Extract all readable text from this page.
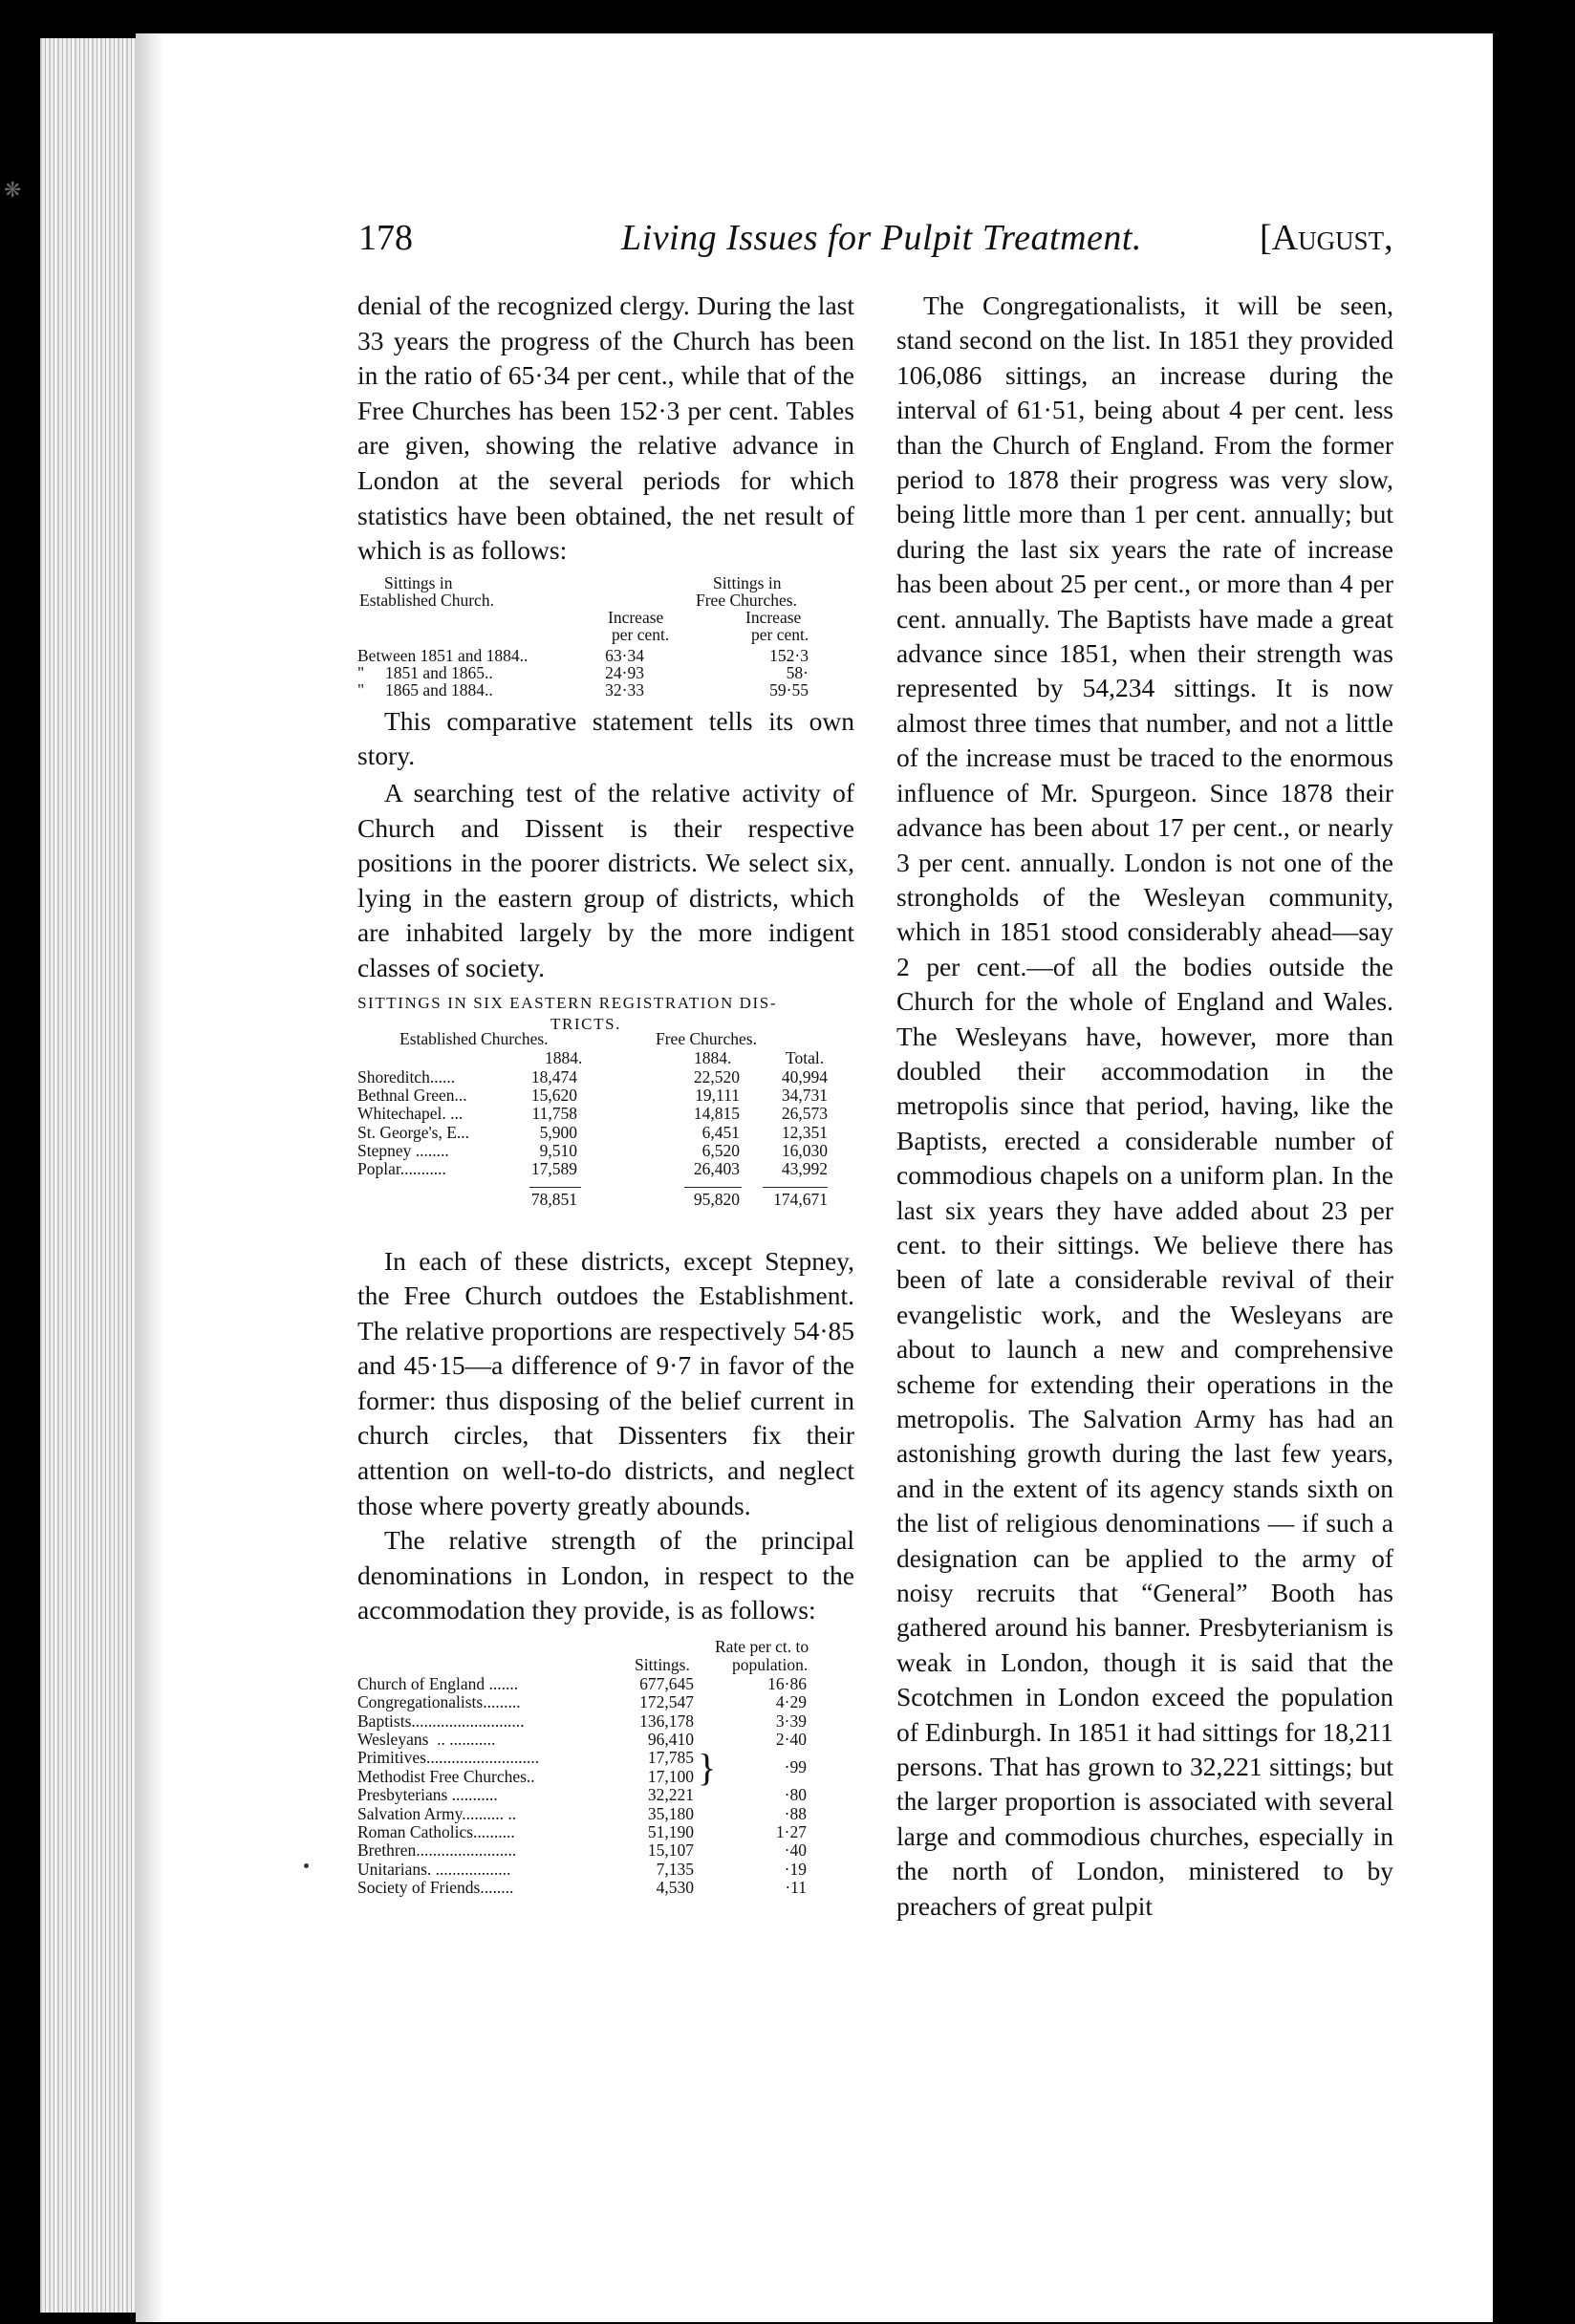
❋
178	Living Issues for Pulpit Treatment.	[August,

denial of the recognized clergy. During the last 33 years the progress of the Church has been in the ratio of 65·34 per cent., while that of the Free Churches has been 152·3 per cent. Tables are given, showing the relative advance in London at the several periods for which statistics have been obtained, the net result of which is as follows:

Sittings in	Sittings in
Established Church.	Free Churches.
Increase	Increase
per cent.	per cent.
Between 1851 and 1884..	63·34	152·3
"     1851 and 1865..	24·93	58·
"     1865 and 1884..	32·33	59·55

This comparative statement tells its own story.

A searching test of the relative activity of Church and Dissent is their respective positions in the poorer districts. We select six, lying in the eastern group of districts, which are inhabited largely by the more indigent classes of society.

SITTINGS IN SIX EASTERN REGISTRATION DIS-
TRICTS.
Established Churches.	Free Churches.
1884.	1884.	Total.
Shoreditch......	18,474	22,520	40,994
Bethnal Green...	15,620	19,111	34,731
Whitechapel. ...	11,758	14,815	26,573
St. George's, E...	5,900	6,451	12,351
Stepney ........	9,510	6,520	16,030
Poplar...........	17,589	26,403	43,992
78,851	95,820	174,671

In each of these districts, except Stepney, the Free Church outdoes the Establishment. The relative proportions are respectively 54·85 and 45·15—a difference of 9·7 in favor of the former: thus disposing of the belief current in church circles, that Dissenters fix their attention on well-to-do districts, and neglect those where poverty greatly abounds.

The relative strength of the principal denominations in London, in respect to the accommodation they provide, is as follows:

Rate per ct. to
Sittings.	population.
Church of England .......	677,645	16·86
Congregationalists.........	172,547	4·29
Baptists...........................	136,178	3·39
Wesleyans  .. ...........	96,410	2·40
Primitives...........................	17,785 }
Methodist Free Churches..	17,100	·99
Presbyterians ...........	32,221	·80
Salvation Army.......... ..	35,180	·88
Roman Catholics..........	51,190	1·27
Brethren........................	15,107	·40
Unitarians. ..................	7,135	·19
Society of Friends........	4,530	·11

The Congregationalists, it will be seen, stand second on the list. In 1851 they provided 106,086 sittings, an increase during the interval of 61·51, being about 4 per cent. less than the Church of England. From the former period to 1878 their progress was very slow, being little more than 1 per cent. annually; but during the last six years the rate of increase has been about 25 per cent., or more than 4 per cent. annually. The Baptists have made a great advance since 1851, when their strength was represented by 54,234 sittings. It is now almost three times that number, and not a little of the increase must be traced to the enormous influence of Mr. Spurgeon. Since 1878 their advance has been about 17 per cent., or nearly 3 per cent. annually. London is not one of the strongholds of the Wesleyan community, which in 1851 stood considerably ahead—say 2 per cent.—of all the bodies outside the Church for the whole of England and Wales. The Wesleyans have, however, more than doubled their accommodation in the metropolis since that period, having, like the Baptists, erected a considerable number of commodious chapels on a uniform plan. In the last six years they have added about 23 per cent. to their sittings. We believe there has been of late a considerable revival of their evangelistic work, and the Wesleyans are about to launch a new and comprehensive scheme for extending their operations in the metropolis. The Salvation Army has had an astonishing growth during the last few years, and in the extent of its agency stands sixth on the list of religious denominations — if such a designation can be applied to the army of noisy recruits that “General” Booth has gathered around his banner. Presbyterianism is weak in London, though it is said that the Scotchmen in London exceed the population of Edinburgh. In 1851 it had sittings for 18,211 persons. That has grown to 32,221 sittings; but the larger proportion is associated with several large and commodious churches, especially in the north of London, ministered to by preachers of great pulpit
